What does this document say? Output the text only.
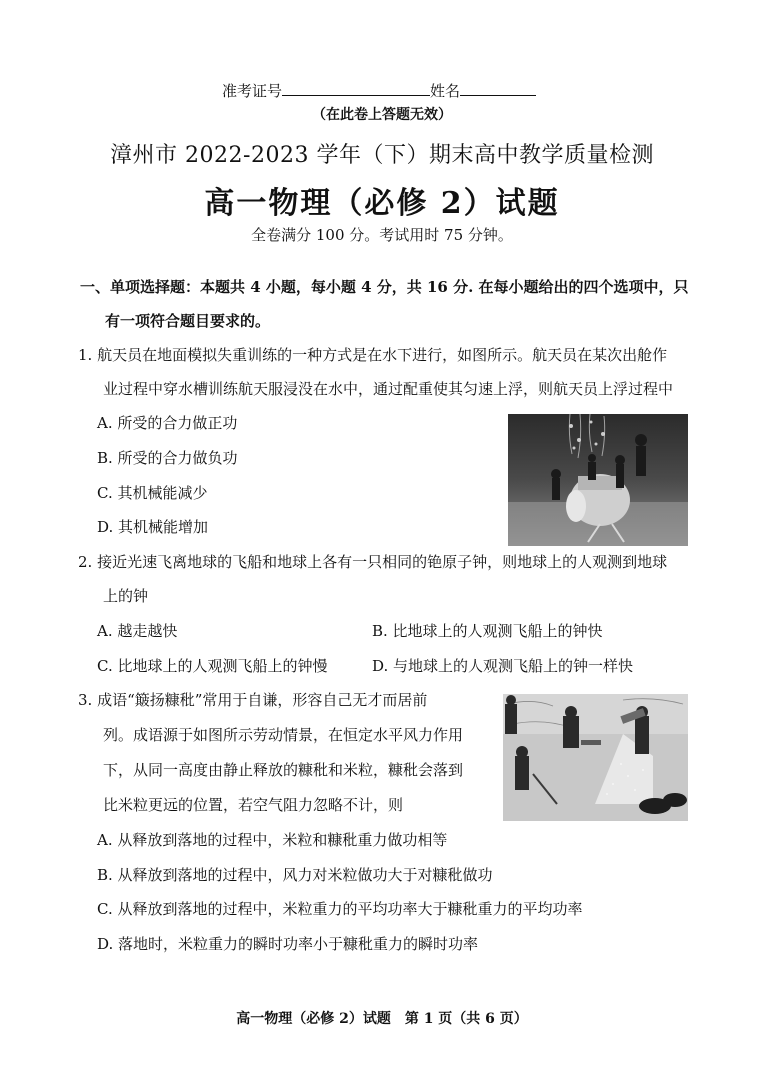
准考证号	姓名
（在此卷上答题无效）
漳州市 2022-2023 学年（下）期末高中教学质量检测
高一物理（必修 2）试题
全卷满分 100 分。考试用时 75 分钟。
一、单项选择题：本题共 4 小题，每小题 4 分，共 16 分. 在每小题给出的四个选项中，只
有一项符合题目要求的。
1. 航天员在地面模拟失重训练的一种方式是在水下进行，如图所示。航天员在某次出舱作
业过程中穿水槽训练航天服浸没在水中，通过配重使其匀速上浮，则航天员上浮过程中
A. 所受的合力做正功
B. 所受的合力做负功
C. 其机械能减少
D. 其机械能增加
2. 接近光速飞离地球的飞船和地球上各有一只相同的铯原子钟，则地球上的人观测到地球
上的钟
A. 越走越快	B. 比地球上的人观测飞船上的钟快
C. 比地球上的人观测飞船上的钟慢	D. 与地球上的人观测飞船上的钟一样快
3. 成语“簸扬糠秕”常用于自谦，形容自己无才而居前
列。成语源于如图所示劳动情景，在恒定水平风力作用
下，从同一高度由静止释放的糠秕和米粒，糠秕会落到
比米粒更远的位置，若空气阻力忽略不计，则
A. 从释放到落地的过程中，米粒和糠秕重力做功相等
B. 从释放到落地的过程中，风力对米粒做功大于对糠秕做功
C. 从释放到落地的过程中，米粒重力的平均功率大于糠秕重力的平均功率
D. 落地时，米粒重力的瞬时功率小于糠秕重力的瞬时功率
高一物理（必修 2）试题　第 1 页（共 6 页）
